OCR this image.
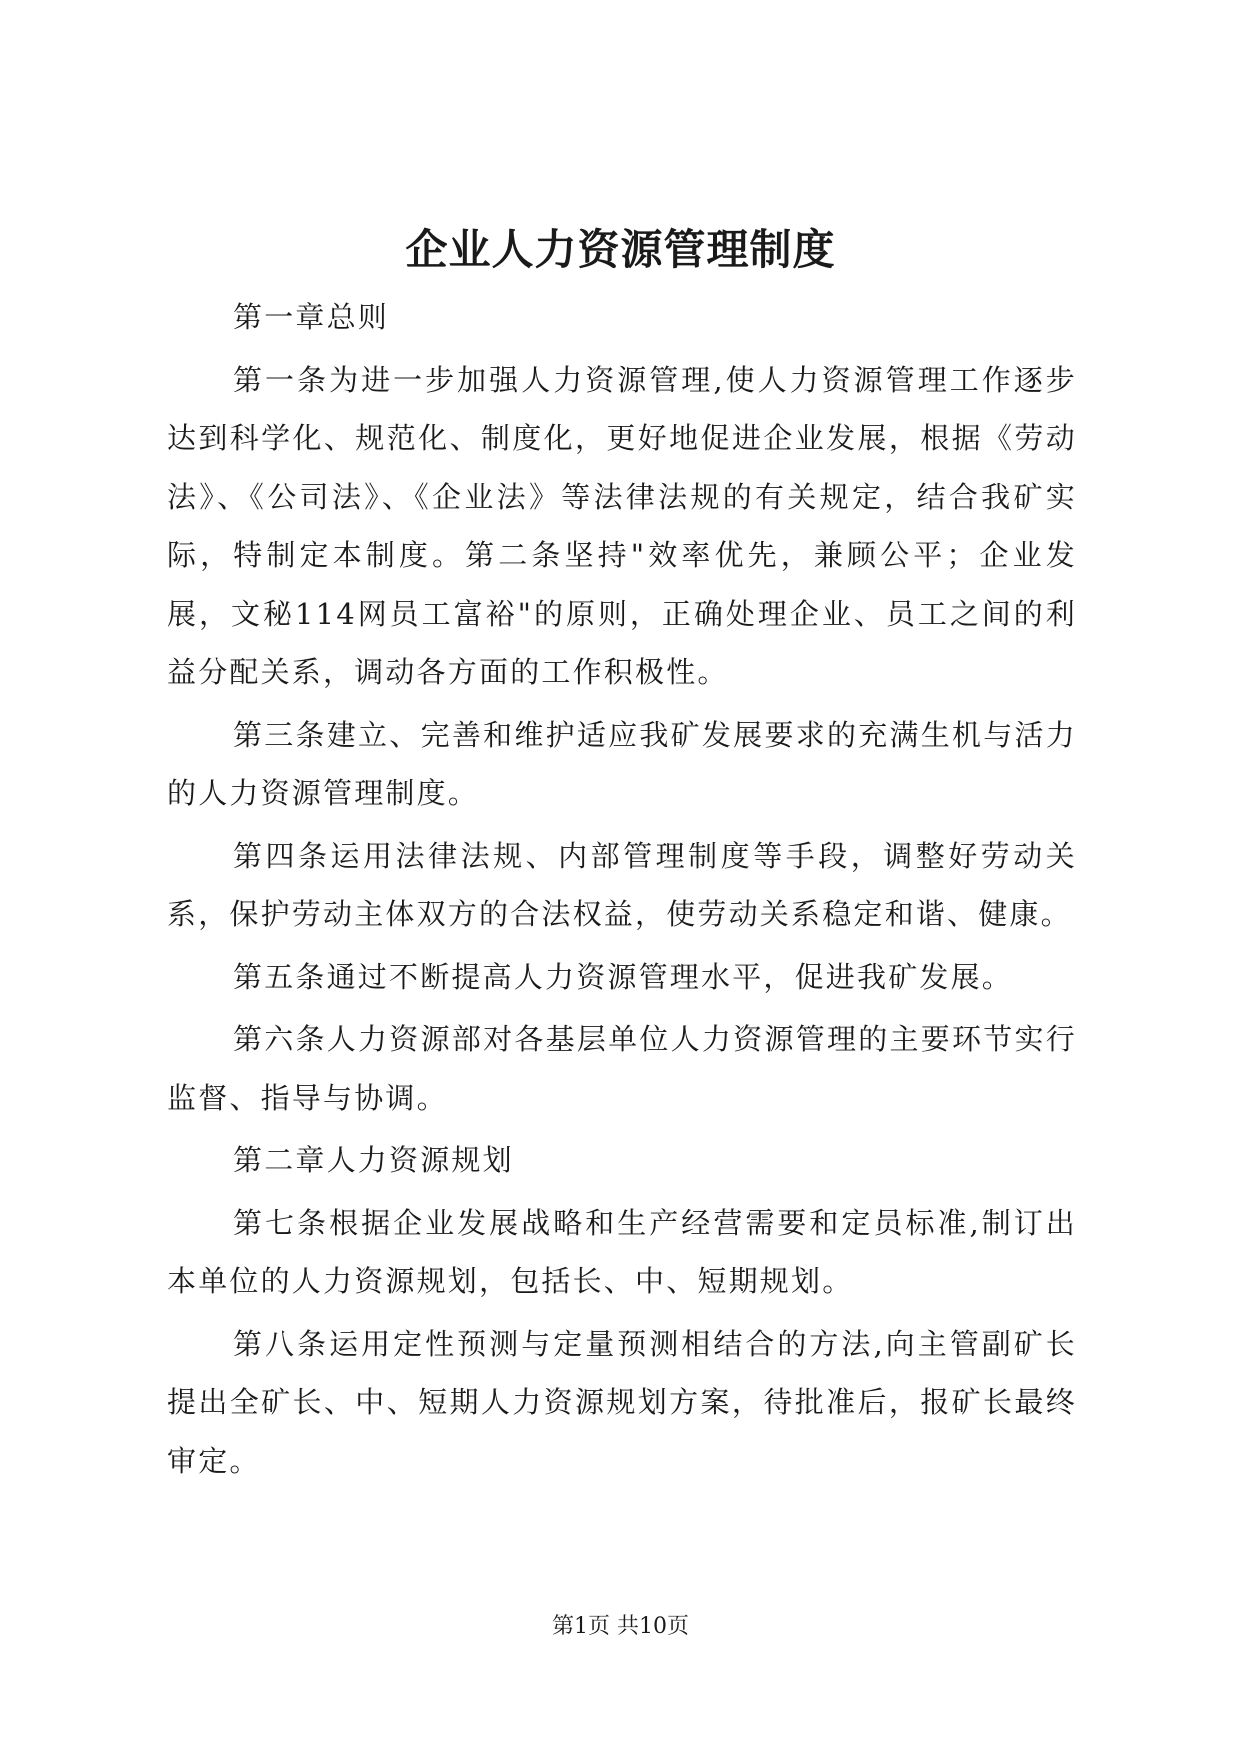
企业人力资源管理制度

第一章总则

第一条为进一步加强人力资源管理,使人力资源管理工作逐步达到科学化、规范化、制度化，更好地促进企业发展，根据《劳动法》、《公司法》、《企业法》等法律法规的有关规定，结合我矿实际，特制定本制度。第二条坚持"效率优先，兼顾公平；企业发展，文秘114网员工富裕"的原则，正确处理企业、员工之间的利益分配关系，调动各方面的工作积极性。

第三条建立、完善和维护适应我矿发展要求的充满生机与活力的人力资源管理制度。

第四条运用法律法规、内部管理制度等手段，调整好劳动关系，保护劳动主体双方的合法权益，使劳动关系稳定和谐、健康。

第五条通过不断提高人力资源管理水平，促进我矿发展。

第六条人力资源部对各基层单位人力资源管理的主要环节实行监督、指导与协调。

第二章人力资源规划

第七条根据企业发展战略和生产经营需要和定员标准,制订出本单位的人力资源规划，包括长、中、短期规划。

第八条运用定性预测与定量预测相结合的方法,向主管副矿长提出全矿长、中、短期人力资源规划方案，待批准后，报矿长最终审定。

第1页 共10页
